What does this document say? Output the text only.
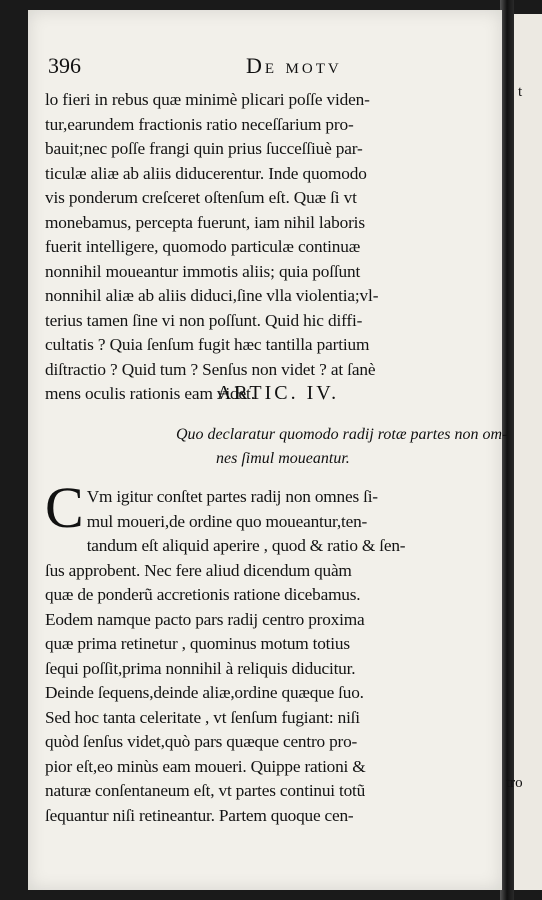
t
396	De motv
lo fieri in rebus quæ minimè plicari poſſe viden-
tur,earundem fractionis ratio neceſſarium pro-
bauit;nec poſſe frangi quin prius ſucceſſiuè par-
ticulæ aliæ ab aliis diducerentur. Inde quomodo
vis ponderum creſceret oſtenſum eſt. Quæ ſi vt
monebamus, percepta fuerunt, iam nihil laboris
fuerit intelligere, quomodo particulæ continuæ
nonnihil moueantur immotis aliis; quia poſſunt
nonnihil aliæ ab aliis diduci,ſine vlla violentia;vl-
terius tamen ſine vi non poſſunt. Quid hic diffi-
cultatis ? Quia ſenſum fugit hæc tantilla partium
diſtractio ? Quid tum ? Senſus non videt ? at ſanè
mens oculis rationis eam videt.
ARTIC. IV.
Quo declaratur quomodo radij rotæ partes non om-
nes ſimul moueantur.
C Vm igitur conſtet partes radij non omnes ſi-
mul moueri,de ordine quo moueantur,ten-
tandum eſt aliquid aperire , quod & ratio & ſen-
ſus approbent. Nec fere aliud dicendum quàm
quæ de ponderũ accretionis ratione dicebamus.
Eodem namque pacto pars radij centro proxima
quæ prima retinetur , quominus motum totius
ſequi poſſit,prima nonnihil à reliquis diducitur.
Deinde ſequens,deinde aliæ,ordine quæque ſuo.
Sed hoc tanta celeritate , vt ſenſum fugiant: niſi
quòd ſenſus videt,quò pars quæque centro pro-
pior eſt,eo minùs eam moueri. Quippe rationi &
naturæ conſentaneum eſt, vt partes continui totũ
ſequantur niſi retineantur. Partem quoque cen-
tro
